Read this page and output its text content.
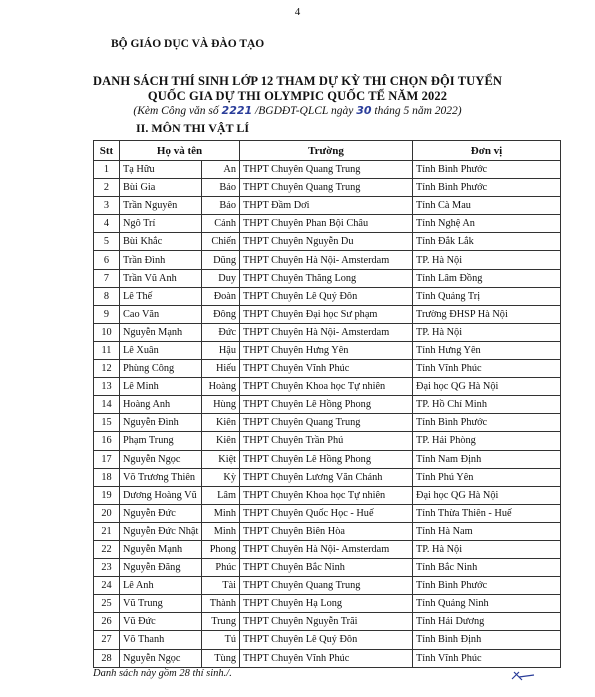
4
BỘ GIÁO DỤC VÀ ĐÀO TẠO
DANH SÁCH THÍ SINH LỚP 12 THAM DỰ KỲ THI CHỌN ĐỘI TUYỂN
QUỐC GIA DỰ THI OLYMPIC QUỐC TẾ NĂM 2022
(Kèm Công văn số 2221 /BGDĐT-QLCL ngày 30 tháng 5 năm 2022)
II. MÔN THI VẬT LÍ
Stt	Họ và tên		Trường	Đơn vị
1	Tạ Hữu	An	THPT Chuyên Quang Trung	Tỉnh Bình Phước
2	Bùi Gia	Bảo	THPT Chuyên Quang Trung	Tỉnh Bình Phước
3	Trần Nguyên	Bảo	THPT Đầm Dơi	Tỉnh Cà Mau
4	Ngô Trí	Cảnh	THPT Chuyên Phan Bội Châu	Tỉnh Nghệ An
5	Bùi Khắc	Chiến	THPT Chuyên Nguyễn Du	Tỉnh Đắk Lắk
6	Trần Đình	Dũng	THPT Chuyên Hà Nội- Amsterdam	TP. Hà Nội
7	Trần Vũ Anh	Duy	THPT Chuyên Thăng Long	Tỉnh Lâm Đồng
8	Lê Thế	Đoàn	THPT Chuyên Lê Quý Đôn	Tỉnh Quảng Trị
9	Cao Văn	Đông	THPT Chuyên Đại học Sư phạm	Trường ĐHSP Hà Nội
10	Nguyễn Mạnh	Đức	THPT Chuyên Hà Nội- Amsterdam	TP. Hà Nội
11	Lê Xuân	Hậu	THPT Chuyên Hưng Yên	Tỉnh Hưng Yên
12	Phùng Công	Hiếu	THPT Chuyên Vĩnh Phúc	Tỉnh Vĩnh Phúc
13	Lê Minh	Hoàng	THPT Chuyên Khoa học Tự nhiên	Đại học QG Hà Nội
14	Hoàng Anh	Hùng	THPT Chuyên Lê Hồng Phong	TP. Hồ Chí Minh
15	Nguyễn Đình	Kiên	THPT Chuyên Quang Trung	Tỉnh Bình Phước
16	Phạm Trung	Kiên	THPT Chuyên Trần Phú	TP. Hải Phòng
17	Nguyễn Ngọc	Kiệt	THPT Chuyên Lê Hồng Phong	Tỉnh Nam Định
18	Võ Trương Thiên	Kỳ	THPT Chuyên Lương Văn Chánh	Tỉnh Phú Yên
19	Dương Hoàng Vũ	Lâm	THPT Chuyên Khoa học Tự nhiên	Đại học QG Hà Nội
20	Nguyễn Đức	Minh	THPT Chuyên Quốc Học - Huế	Tỉnh Thừa Thiên - Huế
21	Nguyễn Đức Nhật	Minh	THPT Chuyên Biên Hòa	Tỉnh Hà Nam
22	Nguyễn Mạnh	Phong	THPT Chuyên Hà Nội- Amsterdam	TP. Hà Nội
23	Nguyễn Đăng	Phúc	THPT Chuyên Bắc Ninh	Tỉnh Bắc Ninh
24	Lê Anh	Tài	THPT Chuyên Quang Trung	Tỉnh Bình Phước
25	Vũ Trung	Thành	THPT Chuyên Hạ Long	Tỉnh Quảng Ninh
26	Vũ Đức	Trung	THPT Chuyên Nguyễn Trãi	Tỉnh Hải Dương
27	Võ Thanh	Tú	THPT Chuyên Lê Quý Đôn	Tỉnh Bình Định
28	Nguyễn Ngọc	Tùng	THPT Chuyên Vĩnh Phúc	Tỉnh Vĩnh Phúc
Danh sách này gồm 28 thí sinh./.
